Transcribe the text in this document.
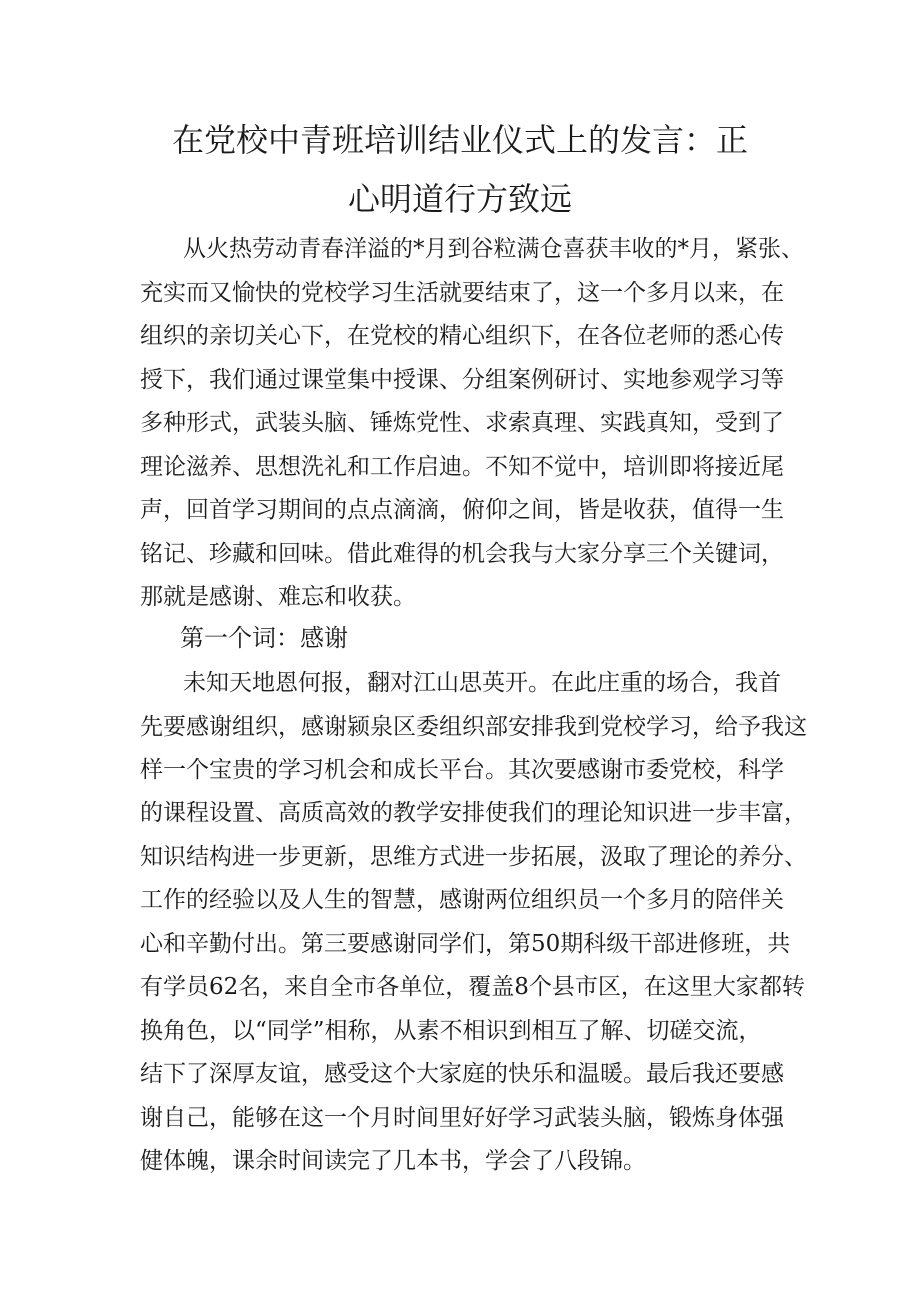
在党校中青班培训结业仪式上的发言：正
心明道行方致远
从火热劳动青春洋溢的*月到谷粒满仓喜获丰收的*月，紧张、
充实而又愉快的党校学习生活就要结束了，这一个多月以来，在
组织的亲切关心下，在党校的精心组织下，在各位老师的悉心传
授下，我们通过课堂集中授课、分组案例研讨、实地参观学习等
多种形式，武装头脑、锤炼党性、求索真理、实践真知，受到了
理论滋养、思想洗礼和工作启迪。不知不觉中，培训即将接近尾
声，回首学习期间的点点滴滴，俯仰之间，皆是收获，值得一生
铭记、珍藏和回味。借此难得的机会我与大家分享三个关键词，
那就是感谢、难忘和收获。
第一个词：感谢
未知天地恩何报，翻对江山思英开。在此庄重的场合，我首
先要感谢组织，感谢颍泉区委组织部安排我到党校学习，给予我这
样一个宝贵的学习机会和成长平台。其次要感谢市委党校，科学
的课程设置、高质高效的教学安排使我们的理论知识进一步丰富，
知识结构进一步更新，思维方式进一步拓展，汲取了理论的养分、
工作的经验以及人生的智慧，感谢两位组织员一个多月的陪伴关
心和辛勤付出。第三要感谢同学们，第50期科级干部进修班，共
有学员62名，来自全市各单位，覆盖8个县市区，在这里大家都转
换角色，以“同学”相称，从素不相识到相互了解、切磋交流，
结下了深厚友谊，感受这个大家庭的快乐和温暖。最后我还要感
谢自己，能够在这一个月时间里好好学习武装头脑，锻炼身体强
健体魄，课余时间读完了几本书，学会了八段锦。
